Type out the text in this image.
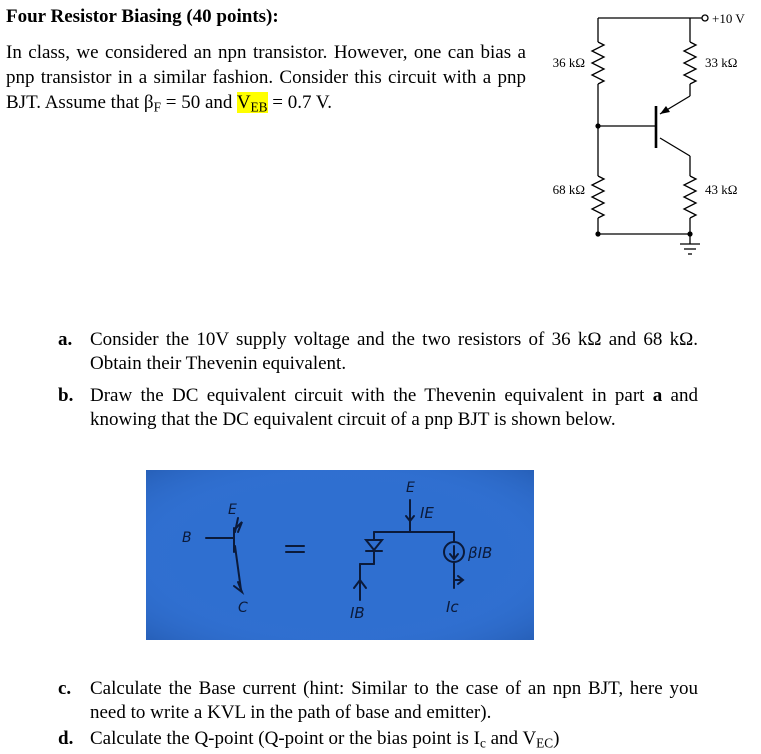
Four Resistor Biasing (40 points):
In class, we considered an npn transistor. However, one can bias a pnp transistor in a similar fashion. Consider this circuit with a pnp BJT. Assume that $\beta_F = 50$ and $V_{EB} = 0.7$ V.
+10 V
36 kΩ
68 kΩ
33 kΩ
43 kΩ
a. Consider the 10V supply voltage and the two resistors of 36 kΩ and 68 kΩ. Obtain their Thevenin equivalent.
b. Draw the DC equivalent circuit with the Thevenin equivalent in part a and knowing that the DC equivalent circuit of a pnp BJT is shown below.
B
E
C
E
IE
βIB
IB	Ic
c. Calculate the Base current (hint: Similar to the case of an npn BJT, here you need to write a KVL in the path of base and emitter).
d. Calculate the Q-point (Q-point or the bias point is $I_c$ and $V_{EC}$)
